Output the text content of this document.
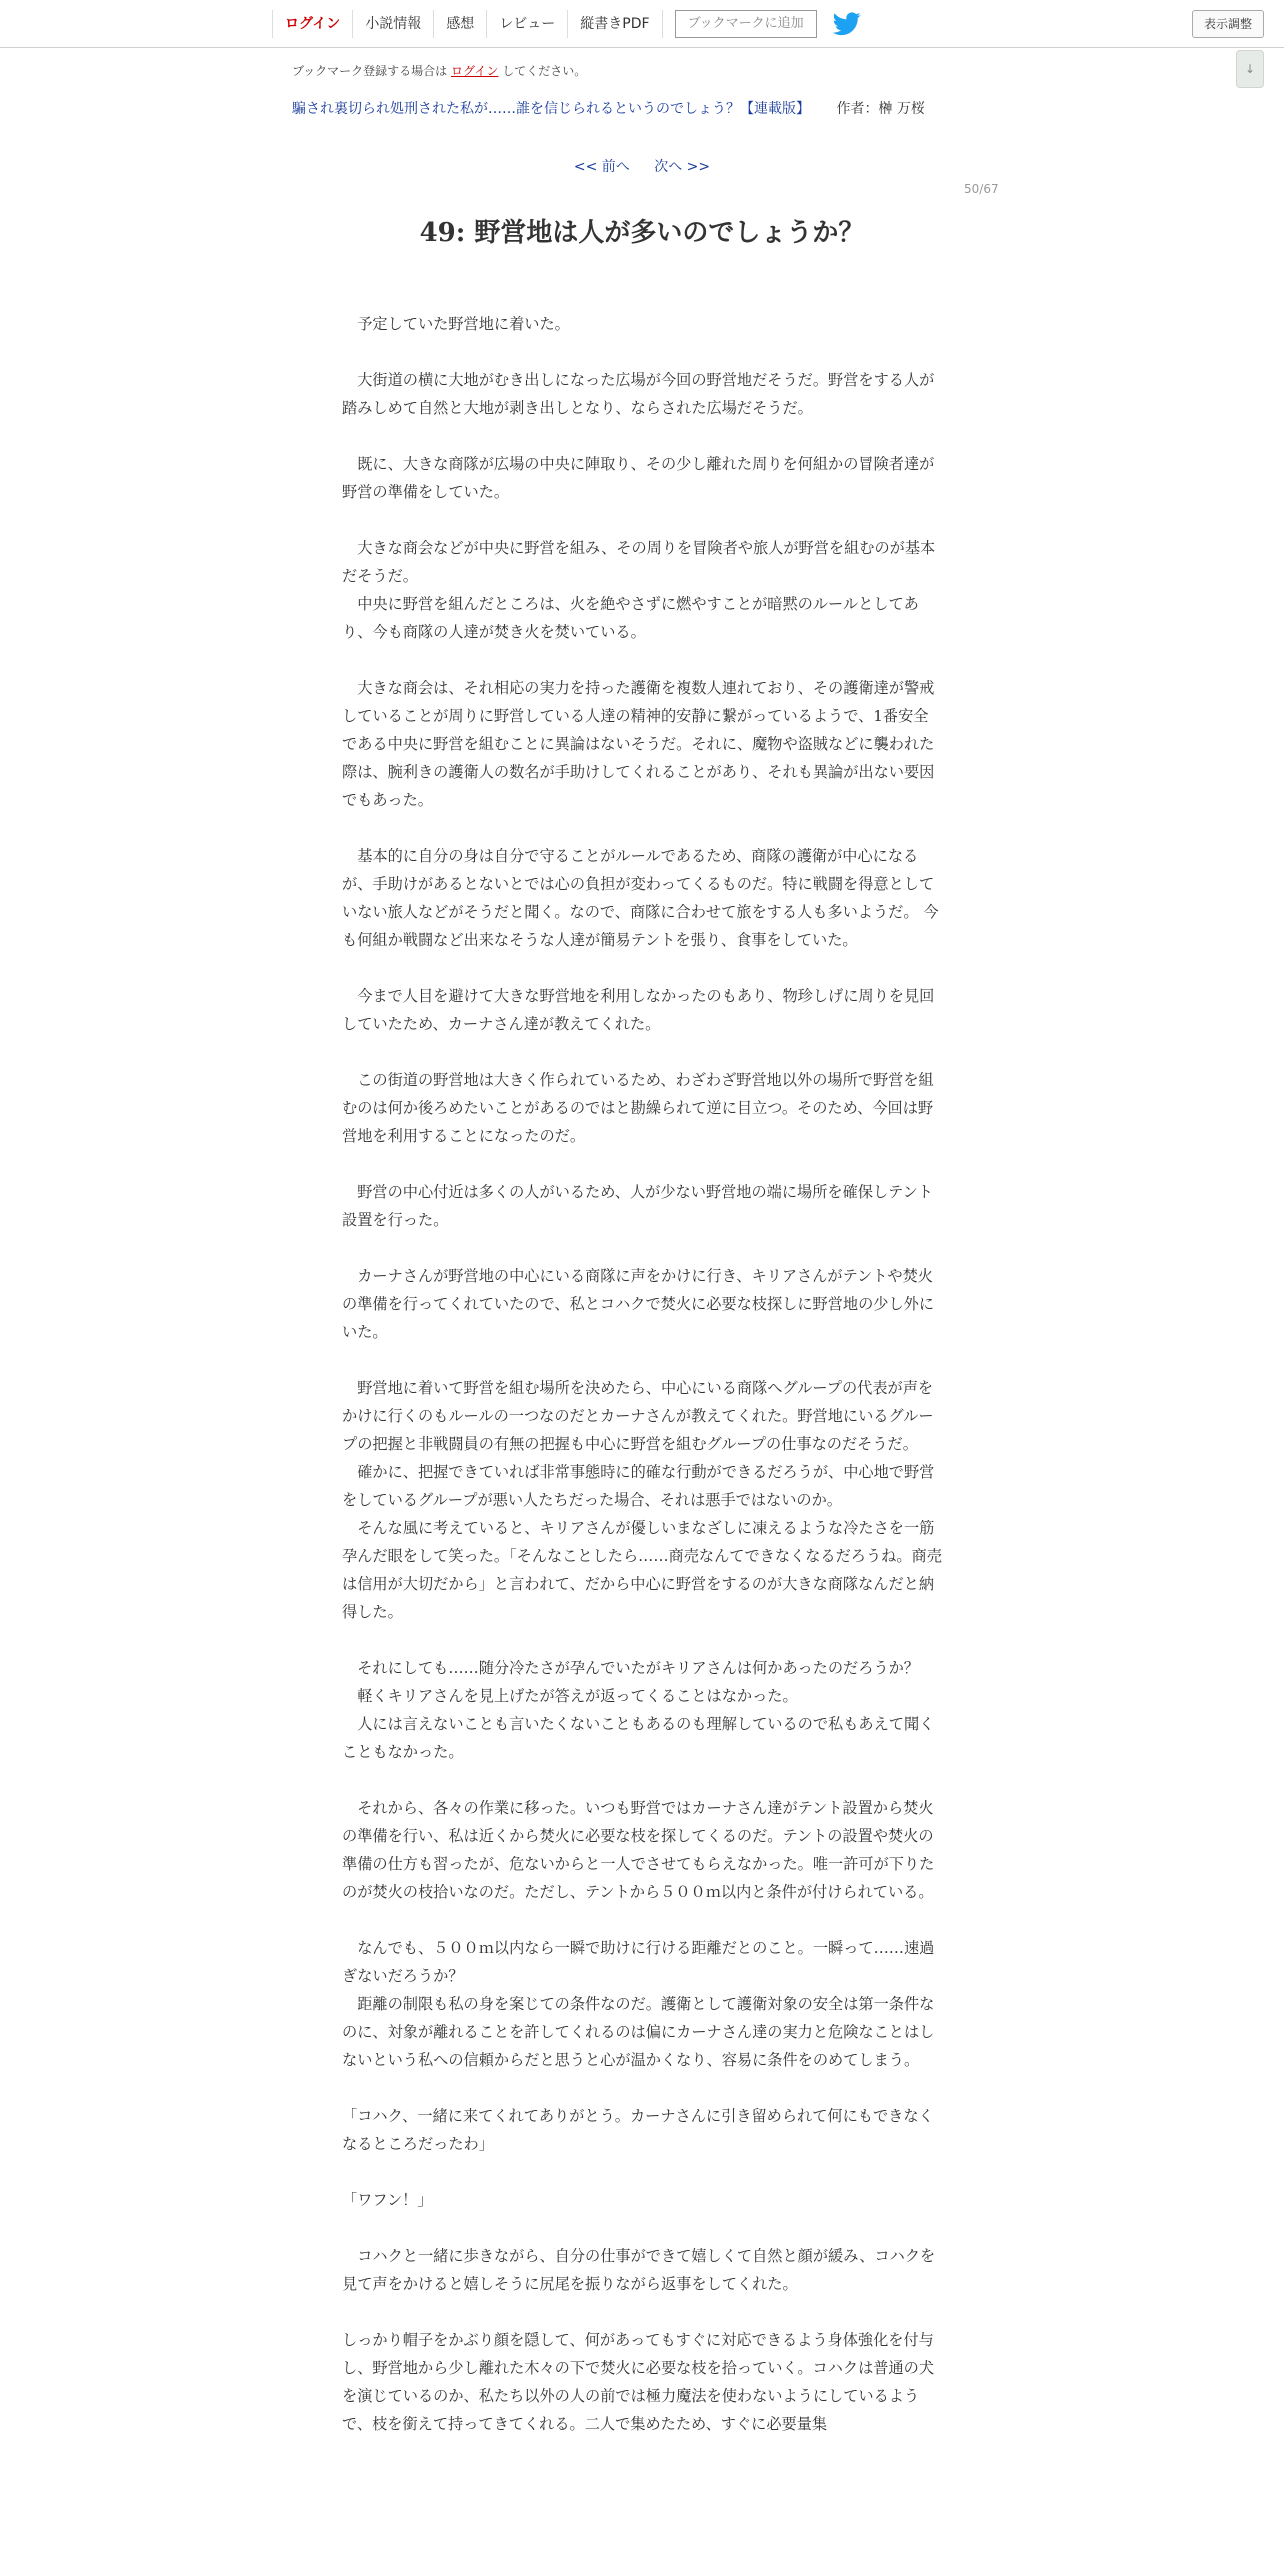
ログイン	小説情報	感想	レビュー	縦書きPDF	ブックマークに追加	表示調整
↓
ブックマーク登録する場合は ログイン してください。
騙され裏切られ処刑された私が……誰を信じられるというのでしょう？【連載版】 作者：榊 万桜
<< 前へ 次へ >>
50/67
49: 野営地は人が多いのでしょうか？

予定していた野営地に着いた。

大街道の横に大地がむき出しになった広場が今回の野営地だそうだ。野営をする人が踏みしめて自然と大地が剥き出しとなり、ならされた広場だそうだ。

既に、大きな商隊が広場の中央に陣取り、その少し離れた周りを何組かの冒険者達が野営の準備をしていた。

大きな商会などが中央に野営を組み、その周りを冒険者や旅人が野営を組むのが基本だそうだ。

中央に野営を組んだところは、火を絶やさずに燃やすことが暗黙のルールとしてあり、今も商隊の人達が焚き火を焚いている。

大きな商会は、それ相応の実力を持った護衛を複数人連れており、その護衛達が警戒していることが周りに野営している人達の精神的安静に繋がっているようで、1番安全である中央に野営を組むことに異論はないそうだ。それに、魔物や盗賊などに襲われた際は、腕利きの護衛人の数名が手助けしてくれることがあり、それも異論が出ない要因でもあった。

基本的に自分の身は自分で守ることがルールであるため、商隊の護衛が中心になるが、手助けがあるとないとでは心の負担が変わってくるものだ。特に戦闘を得意としていない旅人などがそうだと聞く。なので、商隊に合わせて旅をする人も多いようだ。 今も何組か戦闘など出来なそうな人達が簡易テントを張り、食事をしていた。

今まで人目を避けて大きな野営地を利用しなかったのもあり、物珍しげに周りを見回していたため、カーナさん達が教えてくれた。

この街道の野営地は大きく作られているため、わざわざ野営地以外の場所で野営を組むのは何か後ろめたいことがあるのではと勘繰られて逆に目立つ。そのため、今回は野営地を利用することになったのだ。

野営の中心付近は多くの人がいるため、人が少ない野営地の端に場所を確保しテント設置を行った。

カーナさんが野営地の中心にいる商隊に声をかけに行き、キリアさんがテントや焚火の準備を行ってくれていたので、私とコハクで焚火に必要な枝探しに野営地の少し外にいた。

野営地に着いて野営を組む場所を決めたら、中心にいる商隊へグループの代表が声をかけに行くのもルールの一つなのだとカーナさんが教えてくれた。野営地にいるグループの把握と非戦闘員の有無の把握も中心に野営を組むグループの仕事なのだそうだ。

確かに、把握できていれば非常事態時に的確な行動ができるだろうが、中心地で野営をしているグループが悪い人たちだった場合、それは悪手ではないのか。

そんな風に考えていると、キリアさんが優しいまなざしに凍えるような冷たさを一筋孕んだ眼をして笑った。「そんなことしたら……商売なんてできなくなるだろうね。商売は信用が大切だから」と言われて、だから中心に野営をするのが大きな商隊なんだと納得した。

それにしても……随分冷たさが孕んでいたがキリアさんは何かあったのだろうか？

軽くキリアさんを見上げたが答えが返ってくることはなかった。

人には言えないことも言いたくないこともあるのも理解しているので私もあえて聞くこともなかった。

それから、各々の作業に移った。いつも野営ではカーナさん達がテント設置から焚火の準備を行い、私は近くから焚火に必要な枝を探してくるのだ。テントの設置や焚火の準備の仕方も習ったが、危ないからと一人でさせてもらえなかった。唯一許可が下りたのが焚火の枝拾いなのだ。ただし、テントから５００ｍ以内と条件が付けられている。

なんでも、５００ｍ以内なら一瞬で助けに行ける距離だとのこと。一瞬って……速過ぎないだろうか？

距離の制限も私の身を案じての条件なのだ。護衛として護衛対象の安全は第一条件なのに、対象が離れることを許してくれるのは偏にカーナさん達の実力と危険なことはしないという私への信頼からだと思うと心が温かくなり、容易に条件をのめてしまう。

「コハク、一緒に来てくれてありがとう。カーナさんに引き留められて何にもできなくなるところだったわ」

「ワフン！」

コハクと一緒に歩きながら、自分の仕事ができて嬉しくて自然と顔が緩み、コハクを見て声をかけると嬉しそうに尻尾を振りながら返事をしてくれた。

しっかり帽子をかぶり顔を隠して、何があってもすぐに対応できるよう身体強化を付与し、野営地から少し離れた木々の下で焚火に必要な枝を拾っていく。コハクは普通の犬を演じているのか、私たち以外の人の前では極力魔法を使わないようにしているようで、枝を銜えて持ってきてくれる。二人で集めたため、すぐに必要量集
